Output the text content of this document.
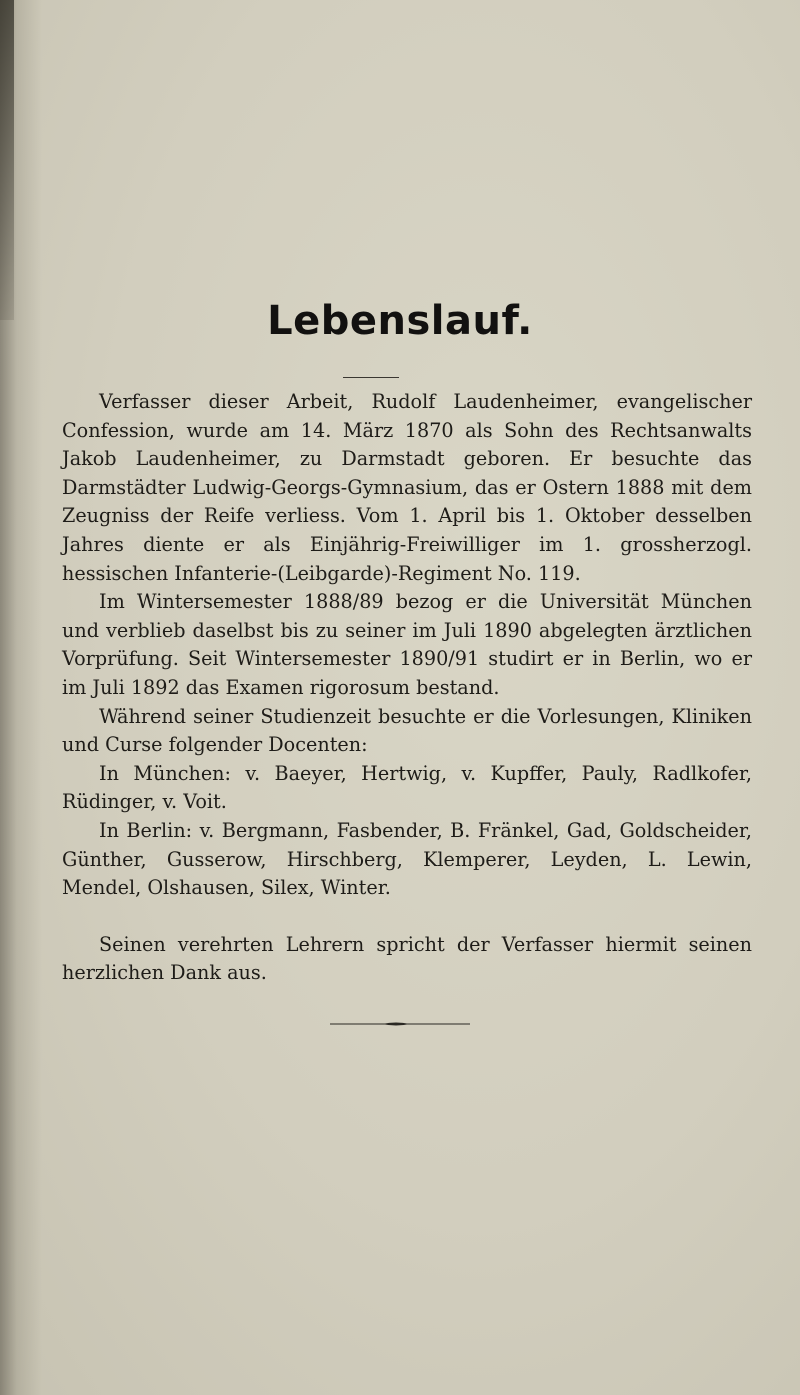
Lebenslauf.

Verfasser dieser Arbeit, Rudolf Laudenheimer, evangelischer Confession, wurde am 14. März 1870 als Sohn des Rechtsanwalts Jakob Laudenheimer, zu Darmstadt geboren. Er besuchte das Darmstädter Ludwig-Georgs-Gymnasium, das er Ostern 1888 mit dem Zeugniss der Reife verliess. Vom 1. April bis 1. Oktober desselben Jahres diente er als Einjährig-Freiwilliger im 1. grossherzogl. hessischen Infanterie-(Leibgarde)-Regiment No. 119.

Im Wintersemester 1888/89 bezog er die Universität München und verblieb daselbst bis zu seiner im Juli 1890 abgelegten ärztlichen Vorprüfung. Seit Wintersemester 1890/91 studirt er in Berlin, wo er im Juli 1892 das Examen rigorosum bestand.

Während seiner Studienzeit besuchte er die Vorlesungen, Kliniken und Curse folgender Docenten:

In München: v. Baeyer, Hertwig, v. Kupffer, Pauly, Radlkofer, Rüdinger, v. Voit.

In Berlin: v. Bergmann, Fasbender, B. Fränkel, Gad, Goldscheider, Günther, Gusserow, Hirschberg, Klemperer, Leyden, L. Lewin, Mendel, Olshausen, Silex, Winter.

Seinen verehrten Lehrern spricht der Verfasser hiermit seinen herzlichen Dank aus.
